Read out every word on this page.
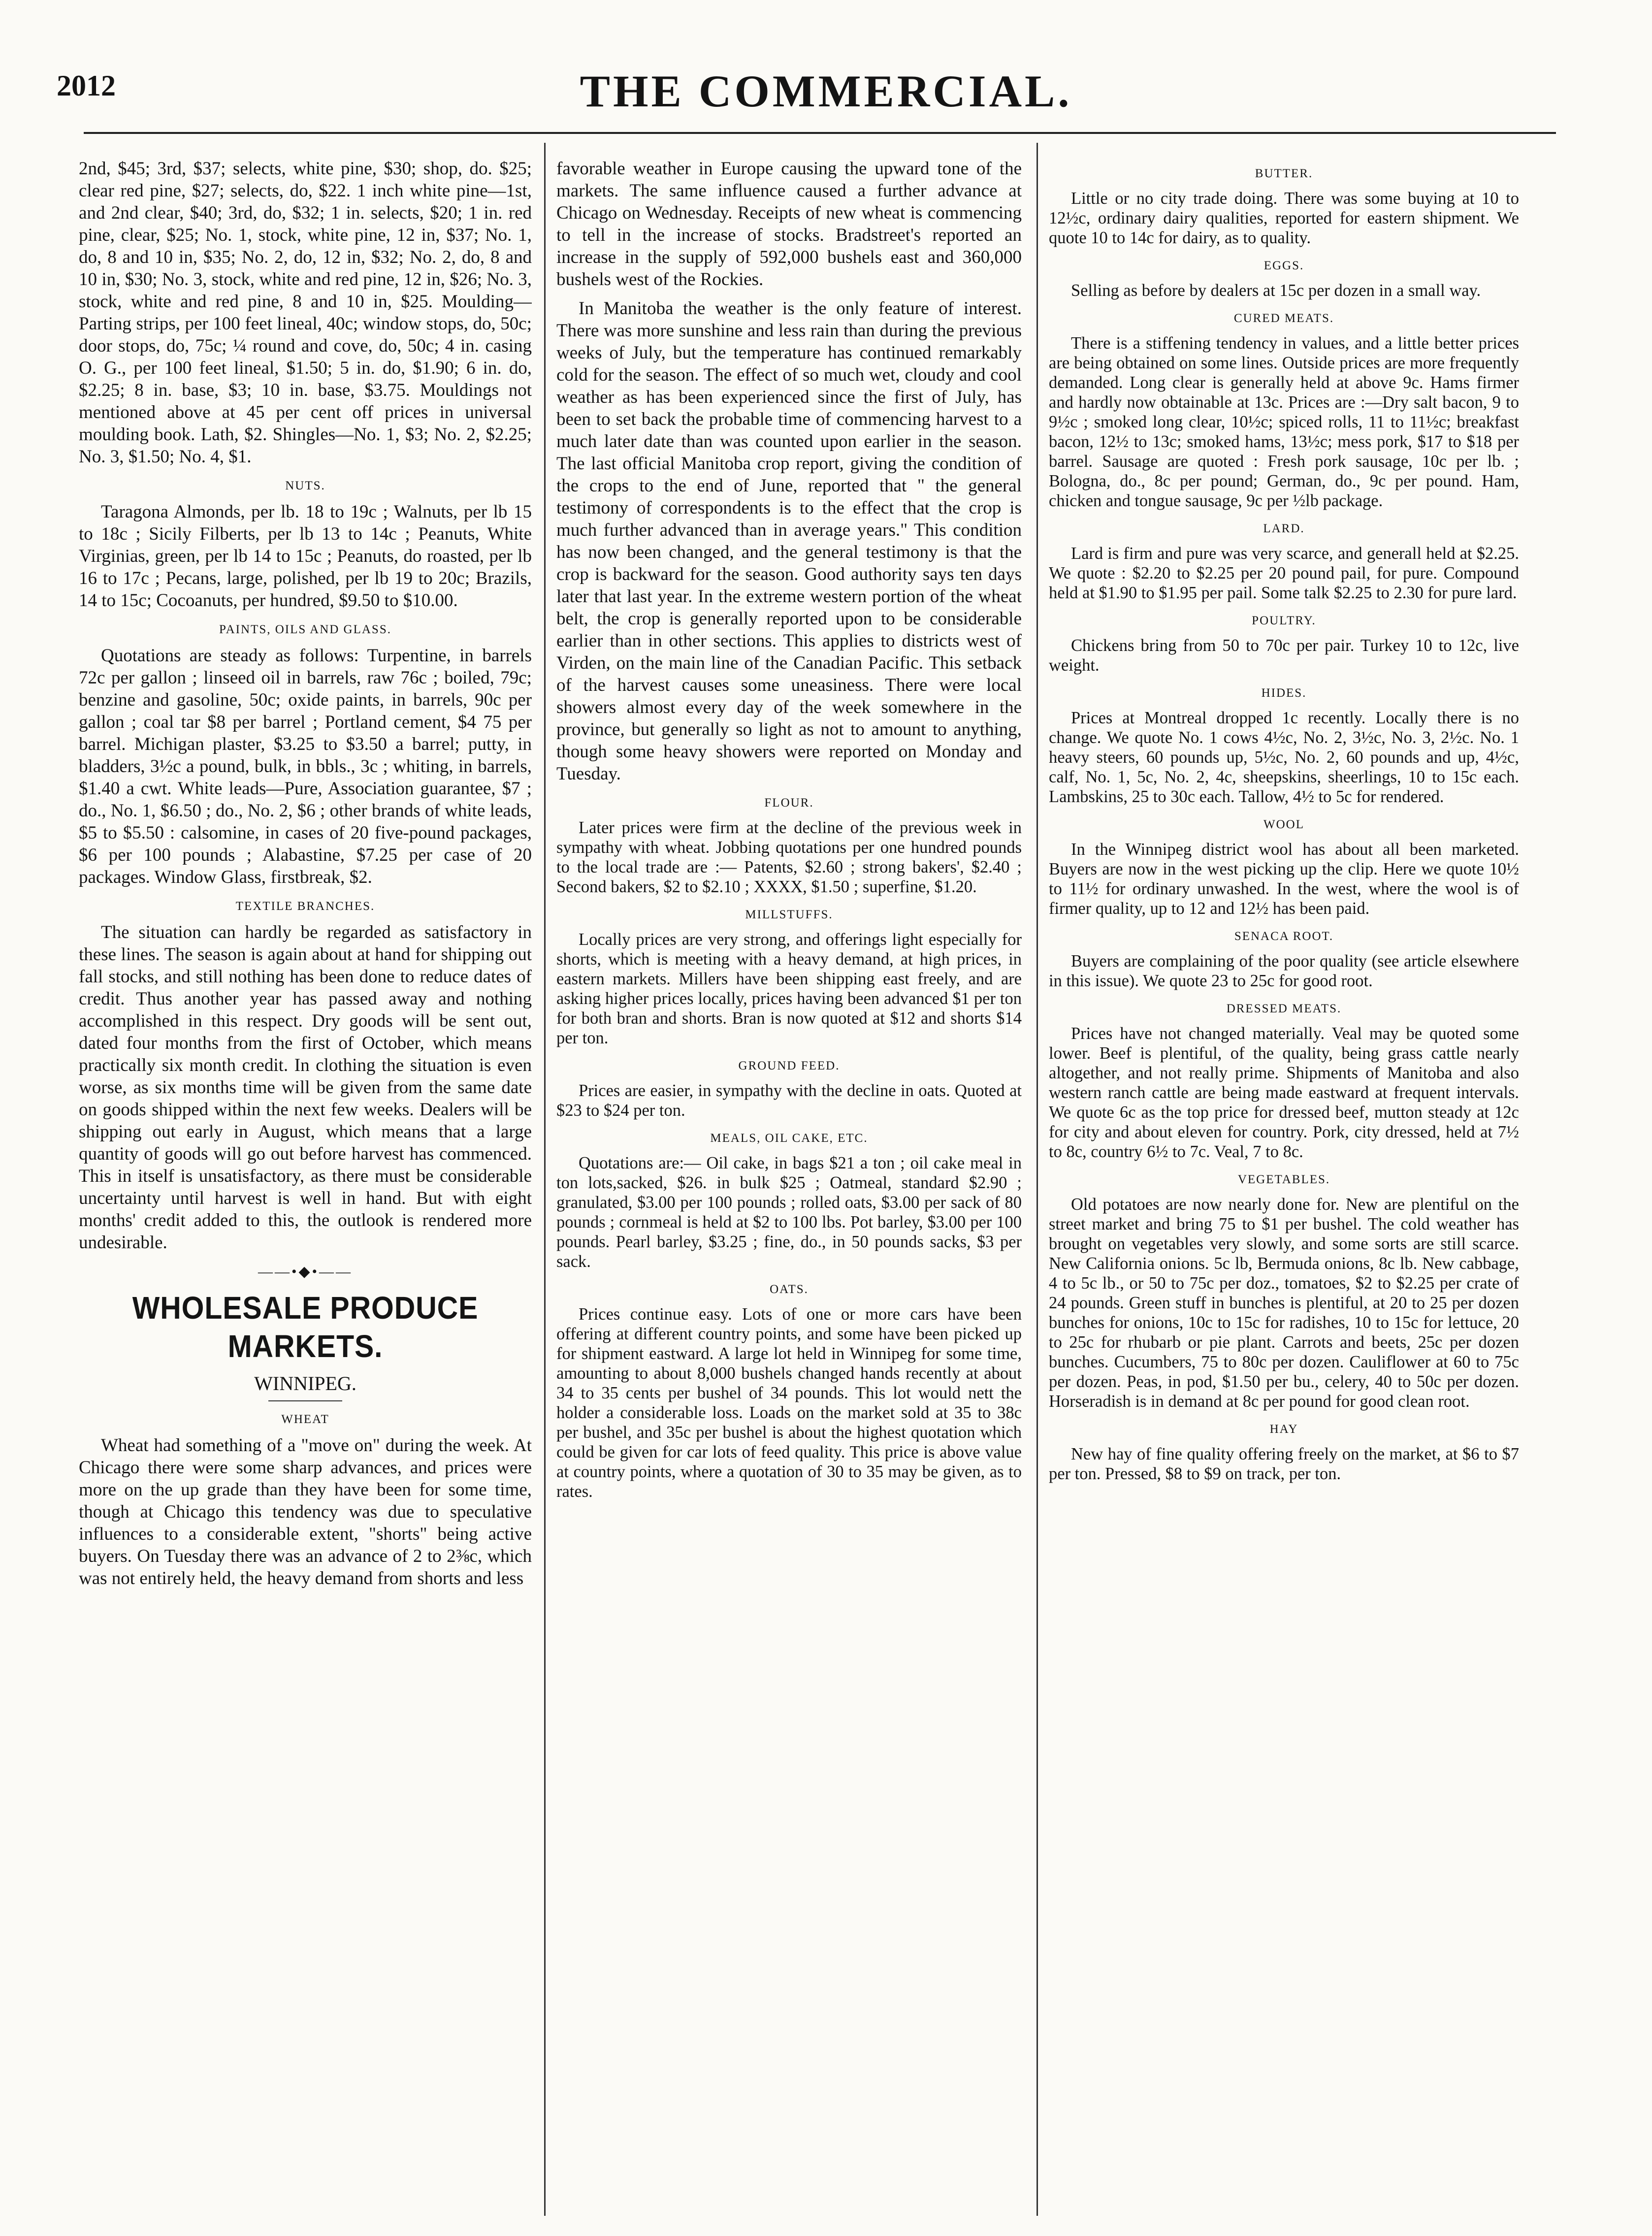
2012	THE COMMERCIAL.

2nd, $45; 3rd, $37; selects, white pine, $30; shop, do. $25; clear red pine, $27; selects, do, $22. 1 inch white pine—1st, and 2nd clear, $40; 3rd, do, $32; 1 in. selects, $20; 1 in. red pine, clear, $25; No. 1, stock, white pine, 12 in, $37; No. 1, do, 8 and 10 in, $35; No. 2, do, 12 in, $32; No. 2, do, 8 and 10 in, $30; No. 3, stock, white and red pine, 12 in, $26; No. 3, stock, white and red pine, 8 and 10 in, $25. Moulding—Parting strips, per 100 feet lineal, 40c; window stops, do, 50c; door stops, do, 75c; ¼ round and cove, do, 50c; 4 in. casing O. G., per 100 feet lineal, $1.50; 5 in. do, $1.90; 6 in. do, $2.25; 8 in. base, $3; 10 in. base, $3.75. Mouldings not mentioned above at 45 per cent off prices in universal moulding book. Lath, $2. Shingles—No. 1, $3; No. 2, $2.25; No. 3, $1.50; No. 4, $1.

NUTS.

Taragona Almonds, per lb. 18 to 19c ; Walnuts, per lb 15 to 18c ; Sicily Filberts, per lb 13 to 14c ; Peanuts, White Virginias, green, per lb 14 to 15c ; Peanuts, do roasted, per lb 16 to 17c ; Pecans, large, polished, per lb 19 to 20c; Brazils, 14 to 15c; Cocoanuts, per hundred, $9.50 to $10.00.

PAINTS, OILS AND GLASS.

Quotations are steady as follows: Turpentine, in barrels 72c per gallon ; linseed oil in barrels, raw 76c ; boiled, 79c; benzine and gasoline, 50c; oxide paints, in barrels, 90c per gallon ; coal tar $8 per barrel ; Portland cement, $4 75 per barrel. Michigan plaster, $3.25 to $3.50 a barrel; putty, in bladders, 3½c a pound, bulk, in bbls., 3c ; whiting, in barrels, $1.40 a cwt. White leads—Pure, Association guarantee, $7 ; do., No. 1, $6.50 ; do., No. 2, $6 ; other brands of white leads, $5 to $5.50 : calsomine, in cases of 20 five-pound packages, $6 per 100 pounds ; Alabastine, $7.25 per case of 20 packages. Window Glass, firstbreak, $2.

TEXTILE BRANCHES.

The situation can hardly be regarded as satisfactory in these lines. The season is again about at hand for shipping out fall stocks, and still nothing has been done to reduce dates of credit. Thus another year has passed away and nothing accomplished in this respect. Dry goods will be sent out, dated four months from the first of October, which means practically six month credit. In clothing the situation is even worse, as six months time will be given from the same date on goods shipped within the next few weeks. Dealers will be shipping out early in August, which means that a large quantity of goods will go out before harvest has commenced. This in itself is unsatisfactory, as there must be considerable uncertainty until harvest is well in hand. But with eight months' credit added to this, the outlook is rendered more undesirable.

——•◆•——
WHOLESALE PRODUCE MARKETS.
WINNIPEG.
WHEAT

Wheat had something of a "move on" during the week. At Chicago there were some sharp advances, and prices were more on the up grade than they have been for some time, though at Chicago this tendency was due to speculative influences to a considerable extent, "shorts" being active buyers. On Tuesday there was an advance of 2 to 2⅜c, which was not entirely held, the heavy demand from shorts and less

favorable weather in Europe causing the upward tone of the markets. The same influence caused a further advance at Chicago on Wednesday. Receipts of new wheat is commencing to tell in the increase of stocks. Bradstreet's reported an increase in the supply of 592,000 bushels east and 360,000 bushels west of the Rockies.

In Manitoba the weather is the only feature of interest. There was more sunshine and less rain than during the previous weeks of July, but the temperature has continued remarkably cold for the season. The effect of so much wet, cloudy and cool weather as has been experienced since the first of July, has been to set back the probable time of commencing harvest to a much later date than was counted upon earlier in the season. The last official Manitoba crop report, giving the condition of the crops to the end of June, reported that " the general testimony of correspondents is to the effect that the crop is much further advanced than in average years." This condition has now been changed, and the general testimony is that the crop is backward for the season. Good authority says ten days later that last year. In the extreme western portion of the wheat belt, the crop is generally reported upon to be considerable earlier than in other sections. This applies to districts west of Virden, on the main line of the Canadian Pacific. This setback of the harvest causes some uneasiness. There were local showers almost every day of the week somewhere in the province, but generally so light as not to amount to anything, though some heavy showers were reported on Monday and Tuesday.

FLOUR.

Later prices were firm at the decline of the previous week in sympathy with wheat. Jobbing quotations per one hundred pounds to the local trade are :— Patents, $2.60 ; strong bakers', $2.40 ; Second bakers, $2 to $2.10 ; XXXX, $1.50 ; superfine, $1.20.

MILLSTUFFS.

Locally prices are very strong, and offerings light especially for shorts, which is meeting with a heavy demand, at high prices, in eastern markets. Millers have been shipping east freely, and are asking higher prices locally, prices having been advanced $1 per ton for both bran and shorts. Bran is now quoted at $12 and shorts $14 per ton.

GROUND FEED.

Prices are easier, in sympathy with the decline in oats. Quoted at $23 to $24 per ton.

MEALS, OIL CAKE, ETC.

Quotations are:— Oil cake, in bags $21 a ton ; oil cake meal in ton lots,sacked, $26. in bulk $25 ; Oatmeal, standard $2.90 ; granulated, $3.00 per 100 pounds ; rolled oats, $3.00 per sack of 80 pounds ; cornmeal is held at $2 to 100 lbs. Pot barley, $3.00 per 100 pounds. Pearl barley, $3.25 ; fine, do., in 50 pounds sacks, $3 per sack.

OATS.

Prices continue easy. Lots of one or more cars have been offering at different country points, and some have been picked up for shipment eastward. A large lot held in Winnipeg for some time, amounting to about 8,000 bushels changed hands recently at about 34 to 35 cents per bushel of 34 pounds. This lot would nett the holder a considerable loss. Loads on the market sold at 35 to 38c per bushel, and 35c per bushel is about the highest quotation which could be given for car lots of feed quality. This price is above value at country points, where a quotation of 30 to 35 may be given, as to rates.

BUTTER.

Little or no city trade doing. There was some buying at 10 to 12½c, ordinary dairy qualities, reported for eastern shipment. We quote 10 to 14c for dairy, as to quality.

EGGS.

Selling as before by dealers at 15c per dozen in a small way.

CURED MEATS.

There is a stiffening tendency in values, and a little better prices are being obtained on some lines. Outside prices are more frequently demanded. Long clear is generally held at above 9c. Hams firmer and hardly now obtainable at 13c. Prices are :—Dry salt bacon, 9 to 9½c ; smoked long clear, 10½c; spiced rolls, 11 to 11½c; breakfast bacon, 12½ to 13c; smoked hams, 13½c; mess pork, $17 to $18 per barrel. Sausage are quoted : Fresh pork sausage, 10c per lb. ; Bologna, do., 8c per pound; German, do., 9c per pound. Ham, chicken and tongue sausage, 9c per ½lb package.

LARD.

Lard is firm and pure was very scarce, and generall held at $2.25. We quote : $2.20 to $2.25 per 20 pound pail, for pure. Compound held at $1.90 to $1.95 per pail. Some talk $2.25 to 2.30 for pure lard.

POULTRY.

Chickens bring from 50 to 70c per pair. Turkey 10 to 12c, live weight.

HIDES.

Prices at Montreal dropped 1c recently. Locally there is no change. We quote No. 1 cows 4½c, No. 2, 3½c, No. 3, 2½c. No. 1 heavy steers, 60 pounds up, 5½c, No. 2, 60 pounds and up, 4½c, calf, No. 1, 5c, No. 2, 4c, sheepskins, sheerlings, 10 to 15c each. Lambskins, 25 to 30c each. Tallow, 4½ to 5c for rendered.

WOOL

In the Winnipeg district wool has about all been marketed. Buyers are now in the west picking up the clip. Here we quote 10½ to 11½ for ordinary unwashed. In the west, where the wool is of firmer quality, up to 12 and 12½ has been paid.

SENACA ROOT.

Buyers are complaining of the poor quality (see article elsewhere in this issue). We quote 23 to 25c for good root.

DRESSED MEATS.

Prices have not changed materially. Veal may be quoted some lower. Beef is plentiful, of the quality, being grass cattle nearly altogether, and not really prime. Shipments of Manitoba and also western ranch cattle are being made eastward at frequent intervals. We quote 6c as the top price for dressed beef, mutton steady at 12c for city and about eleven for country. Pork, city dressed, held at 7½ to 8c, country 6½ to 7c. Veal, 7 to 8c.

VEGETABLES.

Old potatoes are now nearly done for. New are plentiful on the street market and bring 75 to $1 per bushel. The cold weather has brought on vegetables very slowly, and some sorts are still scarce. New California onions. 5c lb, Bermuda onions, 8c lb. New cabbage, 4 to 5c lb., or 50 to 75c per doz., tomatoes, $2 to $2.25 per crate of 24 pounds. Green stuff in bunches is plentiful, at 20 to 25 per dozen bunches for onions, 10c to 15c for radishes, 10 to 15c for lettuce, 20 to 25c for rhubarb or pie plant. Carrots and beets, 25c per dozen bunches. Cucumbers, 75 to 80c per dozen. Cauliflower at 60 to 75c per dozen. Peas, in pod, $1.50 per bu., celery, 40 to 50c per dozen. Horseradish is in demand at 8c per pound for good clean root.

HAY

New hay of fine quality offering freely on the market, at $6 to $7 per ton. Pressed, $8 to $9 on track, per ton.
